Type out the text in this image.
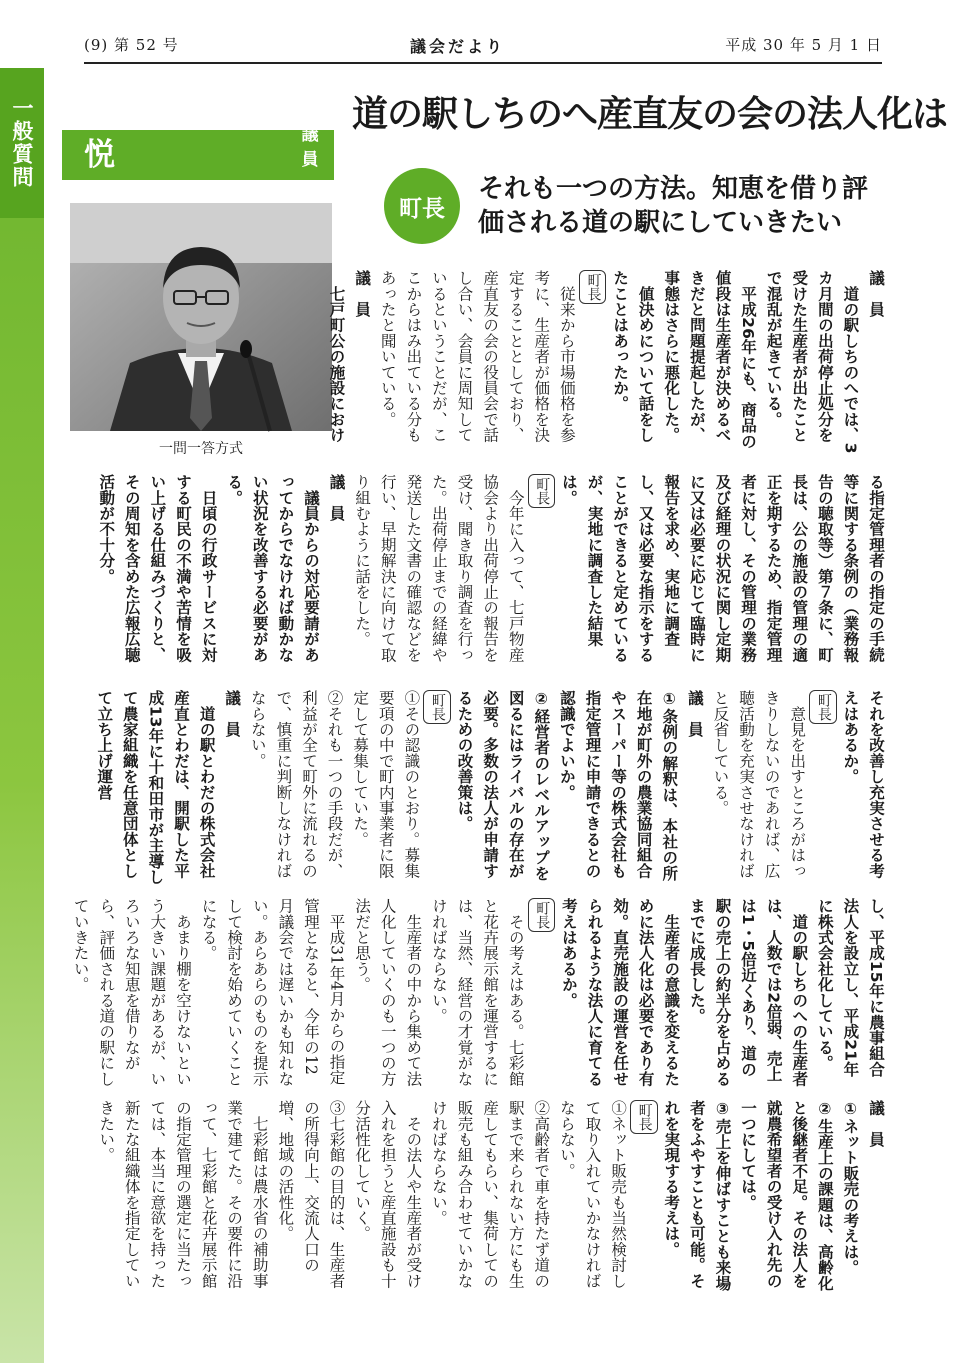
(9) 第 52 号	議会だより	平成 30 年 5 月 1 日
一般質問	道の駅しちのへ産直友の会の法人化は
昕　　清悦
議員
町長
それも一つの方法。知恵を借り評価される道の駅にしていきたい
一問一答方式
議　員
　道の駅しちのへでは、3カ月間の出荷停止処分を受けた生産者が出たことで混乱が起きている。
　平成26年にも、商品の値段は生産者が決めるべきだと問題提起したが、事態はさらに悪化した。
　値決めについて話をしたことはあったか。
町長
　従来から市場価格を参考に、生産者が価格を決定することとしており、産直友の会の役員会で話し合い、会員に周知しているということだが、ここからはみ出ている分もあったと聞いている。
議　員
　七戸町公の施設におけ
る指定管理者の指定の手続等に関する条例の（業務報告の聴取等）第７条に、町長は、公の施設の管理の適正を期するため、指定管理者に対し、その管理の業務及び経理の状況に関し定期に又は必要に応じて臨時に報告を求め、実地に調査し、又は必要な指示をすることができると定めているが、実地に調査した結果は。
町長
　今年に入って、七戸物産協会より出荷停止の報告を受け、聞き取り調査を行った。出荷停止までの経緯や発送した文書の確認などを行い、早期解決に向けて取り組むように話をした。
議　員
　議員からの対応要請があってからでなければ動かない状況を改善する必要がある。
　日頃の行政サービスに対する町民の不満や苦情を吸い上げる仕組みづくりと、その周知を含めた広報広聴活動が不十分。
それを改善し充実させる考えはあるか。
町長
　意見を出すところがはっきりしないのであれば、広聴活動を充実させなければと反省している。
議　員
①条例の解釈は、本社の所在地が町外の農業協同組合やスーパー等の株式会社も指定管理に申請できるとの認識でよいか。
②経営者のレベルアップを図るにはライバルの存在が必要。多数の法人が申請するための改善策は。
町長
①その認識のとおり。募集要項の中で町内事業者に限定して募集していた。
②それも一つの手段だが、利益が全て町外に流れるので、慎重に判断しなければならない。
議　員
　道の駅とわだの株式会社産直とわだは、開駅した平成13年に十和田市が主導して農家組織を任意団体として立ち上げ運営
し、平成15年に農事組合法人を設立し、平成21年に株式会社化している。
　道の駅しちのへの生産者は、人数では2倍弱、売上は1・5倍近くあり、道の駅の売上の約半分を占めるまでに成長した。
　生産者の意識を変えるために法人化は必要であり有効。直売施設の運営を任せられるような法人に育てる考えはあるか。
町長
　その考えはある。七彩館と花卉展示館を運営するには、当然、経営の才覚がなければならない。
　生産者の中から集めて法人化していくのも一つの方法だと思う。
　平成31年4月からの指定管理となると、今年の12月議会では遅いかも知れない。あらあらのものを提示して検討を始めていくことになる。
　あまり棚を空けないという大きい課題があるが、いろいろな知恵を借りながら、評価される道の駅にしていきたい。
議　員
①ネット販売の考えは。
②生産上の課題は、高齢化と後継者不足。その法人を就農希望者の受け入れ先の一つにしては。
③売上を伸ばすことも来場者をふやすことも可能。それを実現する考えは。
町長
①ネット販売も当然検討して取り入れていかなければならない。
②高齢者で車を持たず道の駅まで来られない方にも生産してもらい、集荷しての販売も組み合わせていかなければならない。
　その法人や生産者が受け入れを担うと産直施設も十分活性化していく。
③七彩館の目的は、生産者の所得向上、交流人口の増、地域の活性化。
　七彩館は農水省の補助事業で建てた。その要件に沿って、七彩館と花卉展示館の指定管理の選定に当たっては、本当に意欲を持った新たな組織体を指定していきたい。
